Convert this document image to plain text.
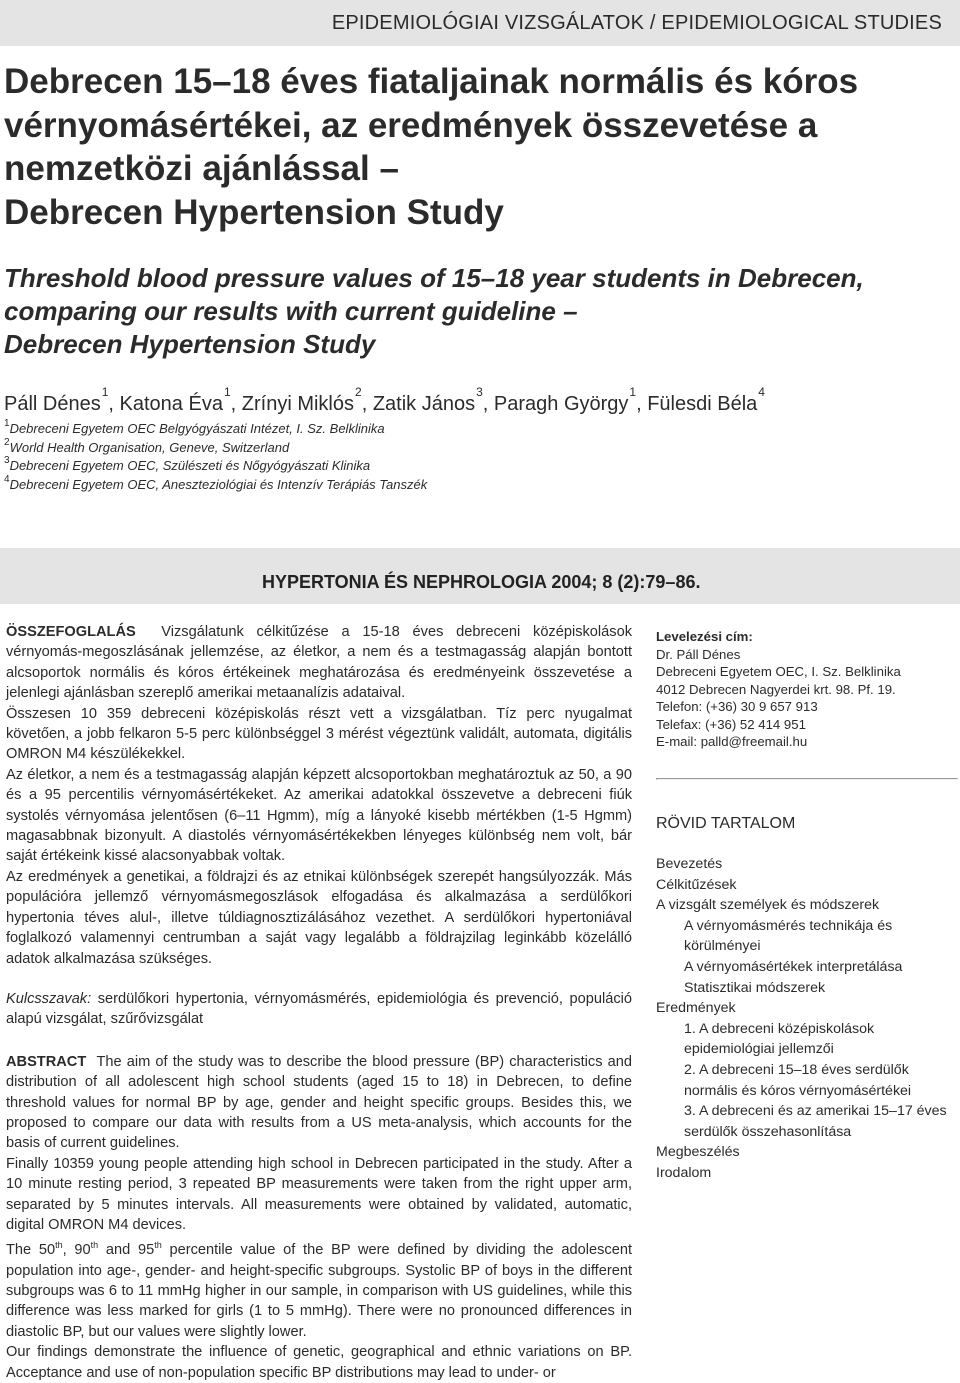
EPIDEMIOLÓGIAI VIZSGÁLATOK / EPIDEMIOLOGICAL STUDIES
Debrecen 15–18 éves fiataljainak normális és kóros
vérnyomásértékei, az eredmények összevetése a
nemzetközi ajánlással –
Debrecen Hypertension Study
Threshold blood pressure values of 15–18 year students in Debrecen,
comparing our results with current guideline –
Debrecen Hypertension Study
Páll Dénes$^1$, Katona Éva$^1$, Zrínyi Miklós$^2$, Zatik János$^3$, Paragh György$^1$, Fülesdi Béla$^4$
$^1$Debreceni Egyetem OEC Belgyógyászati Intézet, I. Sz. Belklinika
$^2$World Health Organisation, Geneve, Switzerland
$^3$Debreceni Egyetem OEC, Szülészeti és Nőgyógyászati Klinika
$^4$Debreceni Egyetem OEC, Aneszteziológiai és Intenzív Terápiás Tanszék
HYPERTONIA ÉS NEPHROLOGIA 2004; 8 (2):79–86.

ÖSSZEFOGLALÁS Vizsgálatunk célkitűzése a 15-18 éves debreceni középiskolások vérnyomás-megoszlásának jellemzése, az életkor, a nem és a testmagasság alapján bontott alcsoportok normális és kóros értékeinek meghatározása és eredményeink összevetése a jelenlegi ajánlásban szereplő amerikai metaanalízis adataival.

Összesen 10 359 debreceni középiskolás részt vett a vizsgálatban. Tíz perc nyugalmat követően, a jobb felkaron 5-5 perc különbséggel 3 mérést végeztünk validált, automata, digitális OMRON M4 készülékekkel.

Az életkor, a nem és a testmagasság alapján képzett alcsoportokban meghatároztuk az 50, a 90 és a 95 percentilis vérnyomásértékeket. Az amerikai adatokkal összevetve a debreceni fiúk systolés vérnyomása jelentősen (6–11 Hgmm), míg a lányoké kisebb mértékben (1-5 Hgmm) magasabbnak bizonyult. A diastolés vérnyomásértékekben lényeges különbség nem volt, bár saját értékeink kissé alacsonyabbak voltak.

Az eredmények a genetikai, a földrajzi és az etnikai különbségek szerepét hangsúlyozzák. Más populációra jellemző vérnyomásmegoszlások elfogadása és alkalmazása a serdülőkori hypertonia téves alul-, illetve túldiagnosztizálásához vezethet. A serdülőkori hypertoniával foglalkozó valamennyi centrumban a saját vagy legalább a földrajzilag leginkább közelálló adatok alkalmazása szükséges.

Kulcsszavak: serdülőkori hypertonia, vérnyomásmérés, epidemiológia és prevenció, populáció alapú vizsgálat, szűrővizsgálat

ABSTRACT The aim of the study was to describe the blood pressure (BP) characteristics and distribution of all adolescent high school students (aged 15 to 18) in Debrecen, to define threshold values for normal BP by age, gender and height specific groups. Besides this, we proposed to compare our data with results from a US meta-analysis, which accounts for the basis of current guidelines.

Finally 10359 young people attending high school in Debrecen participated in the study. After a 10 minute resting period, 3 repeated BP measurements were taken from the right upper arm, separated by 5 minutes intervals. All measurements were obtained by validated, automatic, digital OMRON M4 devices.

The 50th, 90th and 95th percentile value of the BP were defined by dividing the adolescent population into age-, gender- and height-specific subgroups. Systolic BP of boys in the different subgroups was 6 to 11 mmHg higher in our sample, in comparison with US guidelines, while this difference was less marked for girls (1 to 5 mmHg). There were no pronounced differences in diastolic BP, but our values were slightly lower.

Our findings demonstrate the influence of genetic, geographical and ethnic variations on BP. Acceptance and use of non-population specific BP distributions may lead to under- or

Levelezési cím:
Dr. Páll Dénes
Debreceni Egyetem OEC, I. Sz. Belklinika
4012 Debrecen Nagyerdei krt. 98. Pf. 19.
Telefon: (+36) 30 9 657 913
Telefax: (+36) 52 414 951
E-mail: palld@freemail.hu
RÖVID TARTALOM
Bevezetés
Célkitűzések
A vizsgált személyek és módszerek
A vérnyomásmérés technikája és körülményei
A vérnyomásértékek interpretálása
Statisztikai módszerek
Eredmények
1. A debreceni középiskolások epidemiológiai jellemzői
2. A debreceni 15–18 éves serdülők normális és kóros vérnyomásértékei
3. A debreceni és az amerikai 15–17 éves serdülők összehasonlítása
Megbeszélés
Irodalom
